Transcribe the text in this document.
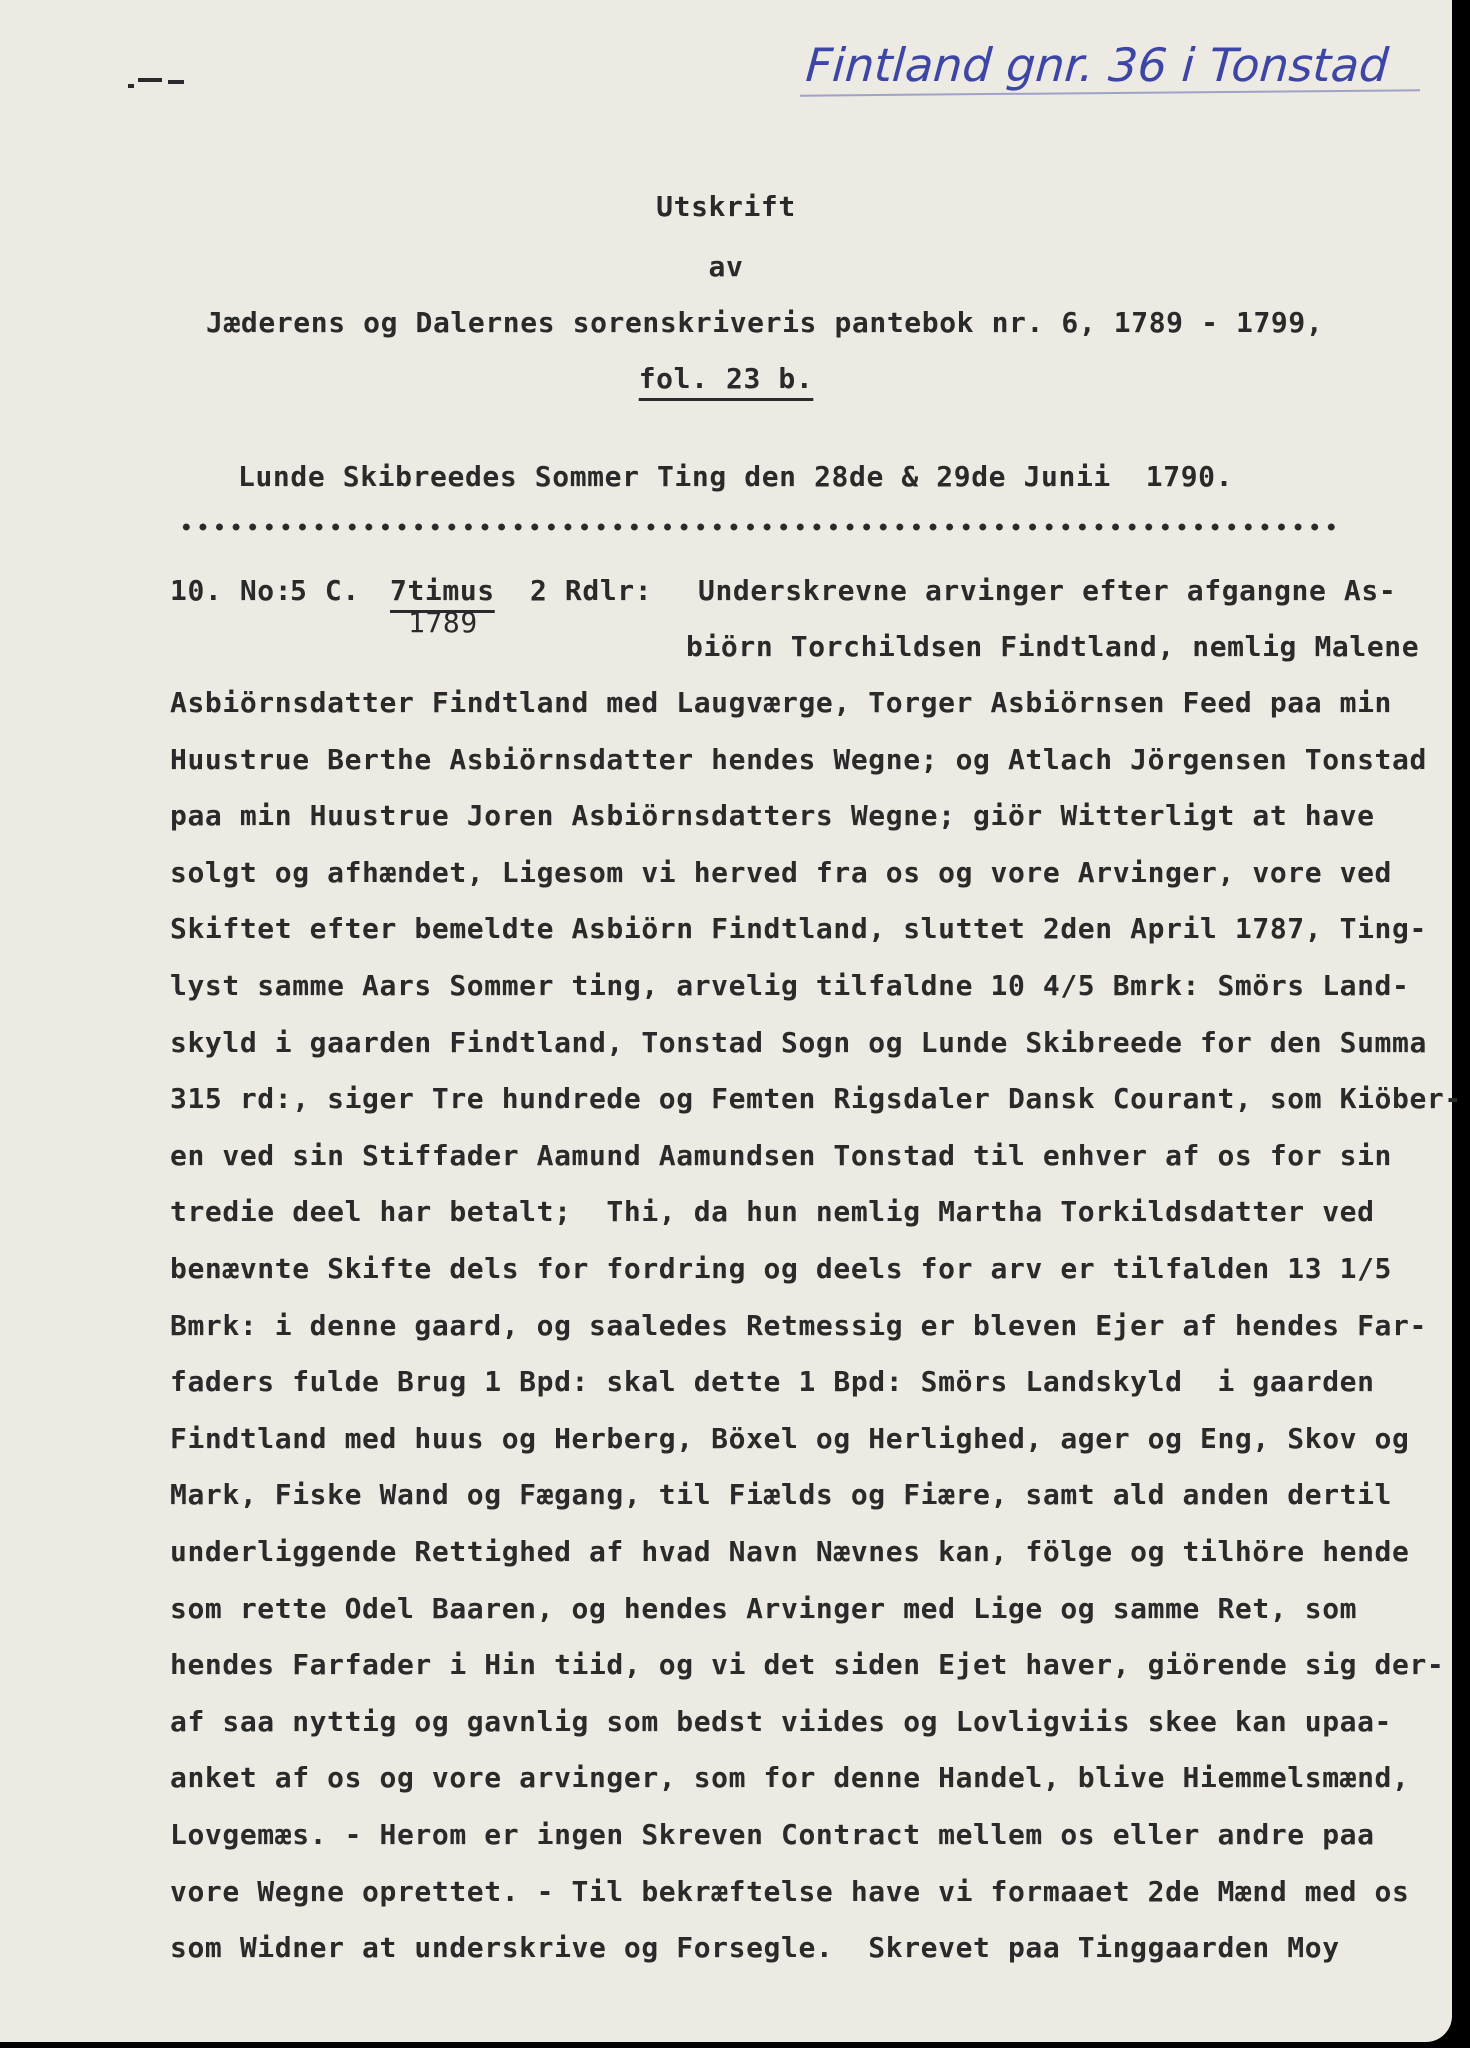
Fintland gnr. 36 i Tonstad
Utskrift
av
Jæderens og Dalernes sorenskriveris pantebok nr. 6, 1789 - 1799,
fol. 23 b.
Lunde Skibreedes Sommer Ting den 28de & 29de Junii  1790.
10. No:
5 C. 7timus
1789
2 Rdlr: Underskrevne arvinger efter afgangne As-
biörn Torchildsen Findtland, nemlig Malene
Asbiörnsdatter Findtland med Laugværge, Torger Asbiörnsen Feed paa min
Huustrue Berthe Asbiörnsdatter hendes Wegne; og Atlach Jörgensen Tonstad
paa min Huustrue Joren Asbiörnsdatters Wegne; giör Witterligt at have
solgt og afhændet, Ligesom vi herved fra os og vore Arvinger, vore ved
Skiftet efter bemeldte Asbiörn Findtland, sluttet 2den April 1787, Ting-
lyst samme Aars Sommer ting, arvelig tilfaldne 10 4/5 Bmrk: Smörs Land-
skyld i gaarden Findtland, Tonstad Sogn og Lunde Skibreede for den Summa
315 rd:, siger Tre hundrede og Femten Rigsdaler Dansk Courant, som Kiöber-
en ved sin Stiffader Aamund Aamundsen Tonstad til enhver af os for sin
tredie deel har betalt;  Thi, da hun nemlig Martha Torkildsdatter ved
benævnte Skifte dels for fordring og deels for arv er tilfalden 13 1/5
Bmrk: i denne gaard, og saaledes Retmessig er bleven Ejer af hendes Far-
faders fulde Brug 1 Bpd: skal dette 1 Bpd: Smörs Landskyld  i gaarden
Findtland med huus og Herberg, Böxel og Herlighed, ager og Eng, Skov og
Mark, Fiske Wand og Fægang, til Fiælds og Fiære, samt ald anden dertil
underliggende Rettighed af hvad Navn Nævnes kan, fölge og tilhöre hende
som rette Odel Baaren, og hendes Arvinger med Lige og samme Ret, som
hendes Farfader i Hin tiid, og vi det siden Ejet haver, giörende sig der-
af saa nyttig og gavnlig som bedst viides og Lovligviis skee kan upaa-
anket af os og vore arvinger, som for denne Handel, blive Hiemmelsmænd,
Lovgemæs. - Herom er ingen Skreven Contract mellem os eller andre paa
vore Wegne oprettet. - Til bekræftelse have vi formaaet 2de Mænd med os
som Widner at underskrive og Forsegle.  Skrevet paa Tinggaarden Moy
